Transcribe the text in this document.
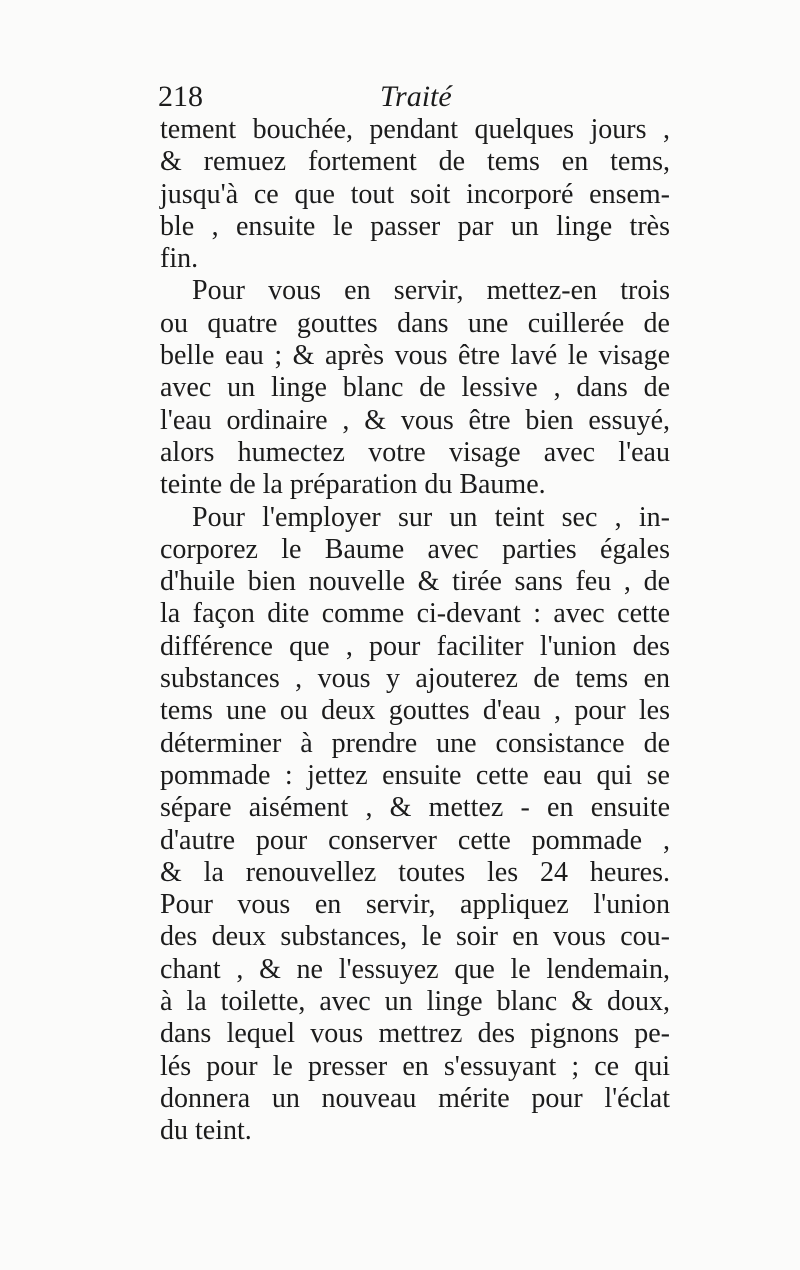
218	Traité
tement bouchée, pendant quelques jours ,
& remuez fortement de tems en tems,
jusqu'à ce que tout soit incorporé ensem-
ble , ensuite le passer par un linge très
fin.
Pour vous en servir, mettez-en trois
ou quatre gouttes dans une cuillerée de
belle eau ; & après vous être lavé le visage
avec un linge blanc de lessive , dans de
l'eau ordinaire , & vous être bien essuyé,
alors humectez votre visage avec l'eau
teinte de la préparation du Baume.
Pour l'employer sur un teint sec , in-
corporez le Baume avec parties égales
d'huile bien nouvelle & tirée sans feu , de
la façon dite comme ci-devant : avec cette
différence que , pour faciliter l'union des
substances , vous y ajouterez de tems en
tems une ou deux gouttes d'eau , pour les
déterminer à prendre une consistance de
pommade : jettez ensuite cette eau qui se
sépare aisément , & mettez - en ensuite
d'autre pour conserver cette pommade ,
& la renouvellez toutes les 24 heures.
Pour vous en servir, appliquez l'union
des deux substances, le soir en vous cou-
chant , & ne l'essuyez que le lendemain,
à la toilette, avec un linge blanc & doux,
dans lequel vous mettrez des pignons pe-
lés pour le presser en s'essuyant ; ce qui
donnera un nouveau mérite pour l'éclat
du teint.
